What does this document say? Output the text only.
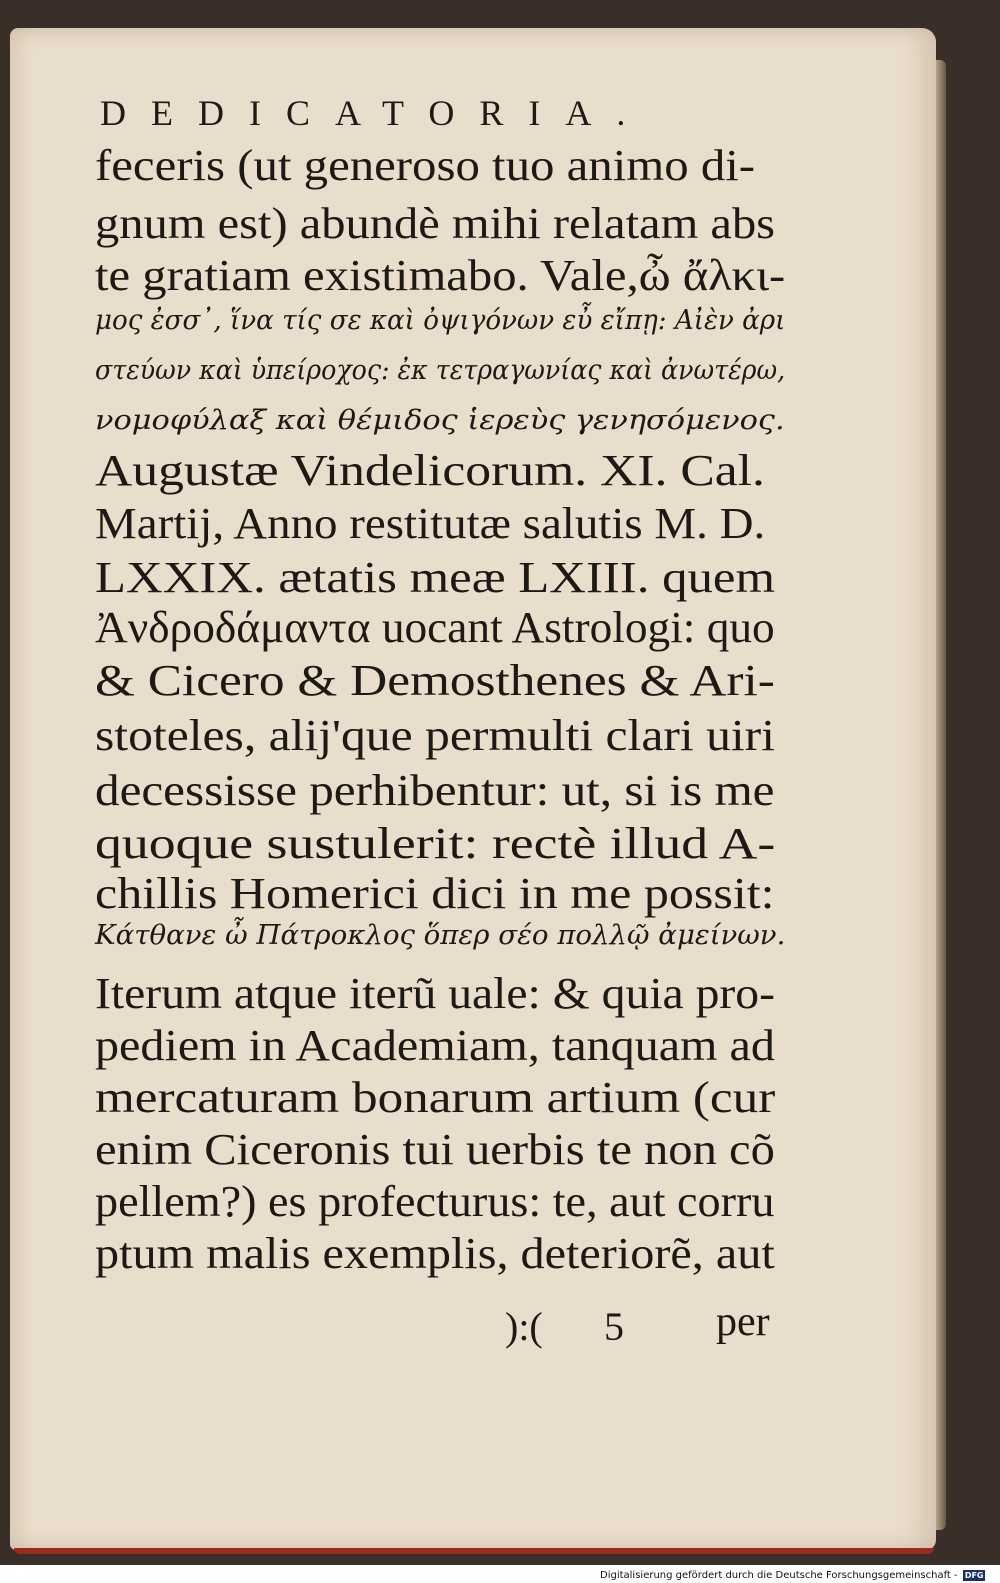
DEDICATORIA.
feceris (ut generoso tuo animo di-
gnum est) abundè mihi relatam abs
te gratiam existimabo. Vale,ὦ ἄλκι-
μος ἐσσ᾽, ἵνα τίς σε καὶ ὀψιγόνων εὖ εἴπῃ: Αἰὲν ἀρι
στεύων καὶ ὑπείροχος: ἐκ τετραγωνίας καὶ ἀνωτέρω,
νομοφύλαξ καὶ θέμιδος ἱερεὺς γενησόμενος.
Augustæ Vindelicorum. XI. Cal.
Martij, Anno restitutæ salutis M. D.
LXXIX. ætatis meæ LXIII. quem
Ἀνδροδάμαντα uocant Astrologi: quo
& Cicero & Demosthenes & Ari-
stoteles, alij'que permulti clari uiri
decessisse perhibentur: ut, si is me
quoque sustulerit: rectè illud A-
chillis Homerici dici in me possit:
Κάτθανε ὦ Πάτροκλος ὅπερ σέο πολλῷ ἀμείνων.
Iterum atque iterũ uale: & quia pro-
pediem in Academiam, tanquam ad
mercaturam bonarum artium (cur
enim Ciceronis tui uerbis te non cõ
pellem?) es profecturus: te, aut corru
ptum malis exemplis, deteriorẽ, aut
):( 5 per
Digitalisierung gefördert durch die Deutsche Forschungsgemeinschaft - DFG
